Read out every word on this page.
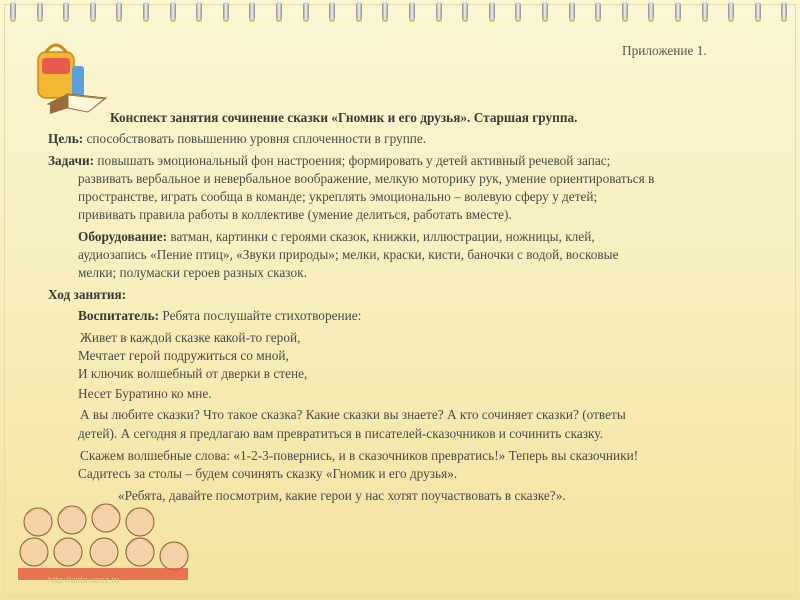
Приложение 1.
Конспект занятия сочинение сказки «Гномик и его друзья». Старшая группа.
Цель: способствовать повышению уровня сплоченности в группе.
Задачи: повышать эмоциональный фон настроения; формировать у детей активный речевой запас;
развивать вербальное и невербальное воображение, мелкую моторику рук, умение ориентироваться в
пространстве, играть сообща в команде; укреплять эмоционально – волевую сферу у детей;
прививать правила работы в коллективе (умение делиться, работать вместе).
Оборудование: ватман, картинки с героями сказок, книжки, иллюстрации, ножницы, клей,
аудиозапись «Пение птиц», «Звуки природы»; мелки, краски, кисти, баночки с водой, восковые
мелки; полумаски героев разных сказок.
Ход занятия:
Воспитатель: Ребята послушайте стихотворение:
Живет в каждой сказке какой-то герой,
Мечтает герой подружиться со мной,
И ключик волшебный от дверки в стене,
Несет Буратино ко мне.
А вы любите сказки? Что такое сказка? Какие сказки вы знаете? А кто сочиняет сказки? (ответы
детей). А сегодня я предлагаю вам превратиться в писателей-сказочников и сочинить сказку.
Скажем волшебные слова: «1-2-3-повернись, и в сказочников превратись!» Теперь вы сказочники!
Садитесь за столы – будем сочинять сказку «Гномик и его друзья».
«Ребята, давайте посмотрим, какие герои у нас хотят поучаствовать в сказке?».
http://aida.ucoz.ru
